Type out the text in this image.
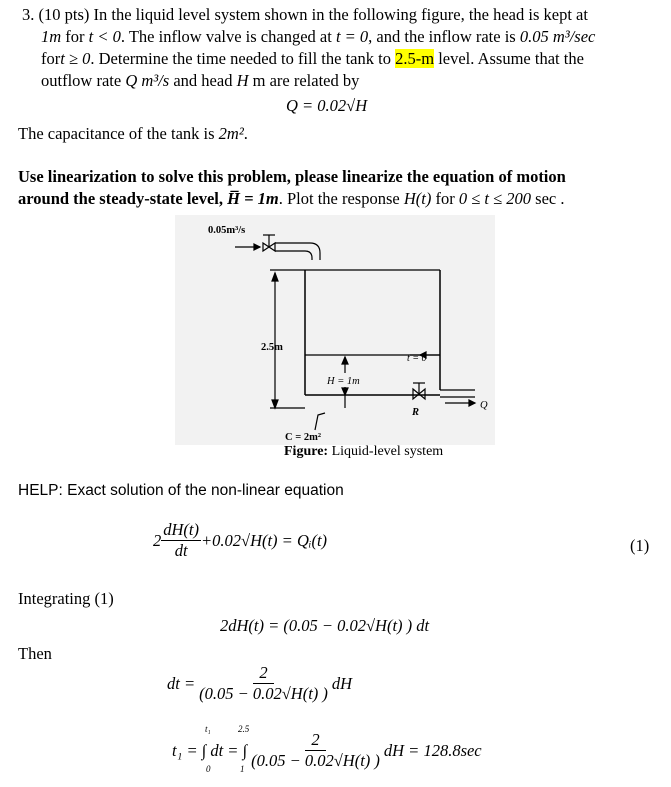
3. (10 pts) In the liquid level system shown in the following figure, the head is kept at
1m for t < 0. The inflow valve is changed at t = 0, and the inflow rate is 0.05 m³/sec
fort ≥ 0. Determine the time needed to fill the tank to 2.5-m level. Assume that the
outflow rate Q m³/s and head H m are related by
Q = 0.02√H
The capacitance of the tank is 2m².
Use linearization to solve this problem, please linearize the equation of motion
around the steady-state level, H̅ = 1m. Plot the response H(t) for 0 ≤ t ≤ 200 sec .
0.05m³/s
2.5m
t = 0
H = 1m
R
Q
C = 2m²
Figure: Liquid-level system
HELP: Exact solution of the non-linear equation
$2 \frac{dH(t)}{dt} +0.02√H(t)$ = Qᵢ(t)	(1)
Integrating (1)
2dH(t) = (0.05 − 0.02√H(t) ) dt
Then
dt = $\frac{2}{(0.05 - 0.02√H(t) )}$ dH
t₁ = ∫ dt = ∫ $\frac{2}{(0.05 - 0.02√H(t) )}$ dH = 128.8sec
t₁
0
2.5
1
